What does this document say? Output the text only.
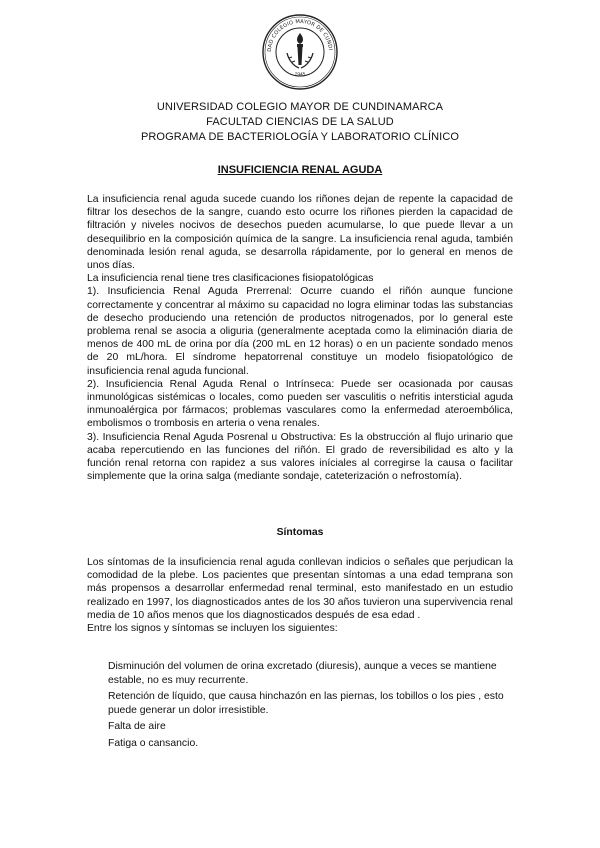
DAD COLEGIO MAYOR DE CUNDI
1945
UNIVERSIDAD COLEGIO MAYOR DE CUNDINAMARCA
FACULTAD CIENCIAS DE LA SALUD
PROGRAMA DE BACTERIOLOGÍA Y LABORATORIO CLÍNICO
INSUFICIENCIA RENAL AGUDA

La insuficiencia renal aguda sucede cuando los riñones dejan de repente la capacidad de filtrar los desechos de la sangre, cuando esto ocurre los riñones pierden la capacidad de filtración y niveles nocivos de desechos pueden acumularse, lo que puede llevar a un desequilibrio en la composición química de la sangre. La insuficiencia renal aguda, también denominada lesión renal aguda, se desarrolla rápidamente, por lo general en menos de unos días.

La insuficiencia renal tiene tres clasificaciones fisiopatológicas

1). Insuficiencia Renal Aguda Prerrenal: Ocurre cuando el riñón aunque funcione correctamente y concentrar al máximo su capacidad no logra eliminar todas las substancias de desecho produciendo una retención de productos nitrogenados, por lo general este problema renal se asocia a oliguria (generalmente aceptada como la eliminación diaria de menos de 400 mL de orina por día (200 mL en 12 horas) o en un paciente sondado menos de 20 mL/hora. El síndrome hepatorrenal constituye un modelo fisiopatológico de insuficiencia renal aguda funcional.

2). Insuficiencia Renal Aguda Renal o Intrínseca: Puede ser ocasionada por causas inmunológicas sistémicas o locales, como pueden ser vasculitis o nefritis intersticial aguda inmunoalérgica por fármacos; problemas vasculares como la enfermedad ateroembólica, embolismos o trombosis en arteria o vena renales.

3). Insuficiencia Renal Aguda Posrenal u Obstructiva: Es la obstrucción al flujo urinario que acaba repercutiendo en las funciones del riñón. El grado de reversibilidad es alto y la función renal retorna con rapidez a sus valores iníciales al corregirse la causa o facilitar simplemente que la orina salga (mediante sondaje, cateterización o nefrostomía).

Síntomas

Los síntomas de la insuficiencia renal aguda conllevan indicios o señales que perjudican la comodidad de la plebe. Los pacientes que presentan síntomas a una edad temprana son más propensos a desarrollar enfermedad renal terminal, esto manifestado en un estudio realizado en 1997, los diagnosticados antes de los 30 años tuvieron una supervivencia renal media de 10 años menos que los diagnosticados después de esa edad .

Entre los signos y síntomas se incluyen los siguientes:

Disminución del volumen de orina excretado (diuresis), aunque a veces se mantiene estable, no es muy recurrente.

Retención de líquido, que causa hinchazón en las piernas, los tobillos o los pies , esto puede generar un dolor irresistible.

Falta de aire

Fatiga o cansancio.
